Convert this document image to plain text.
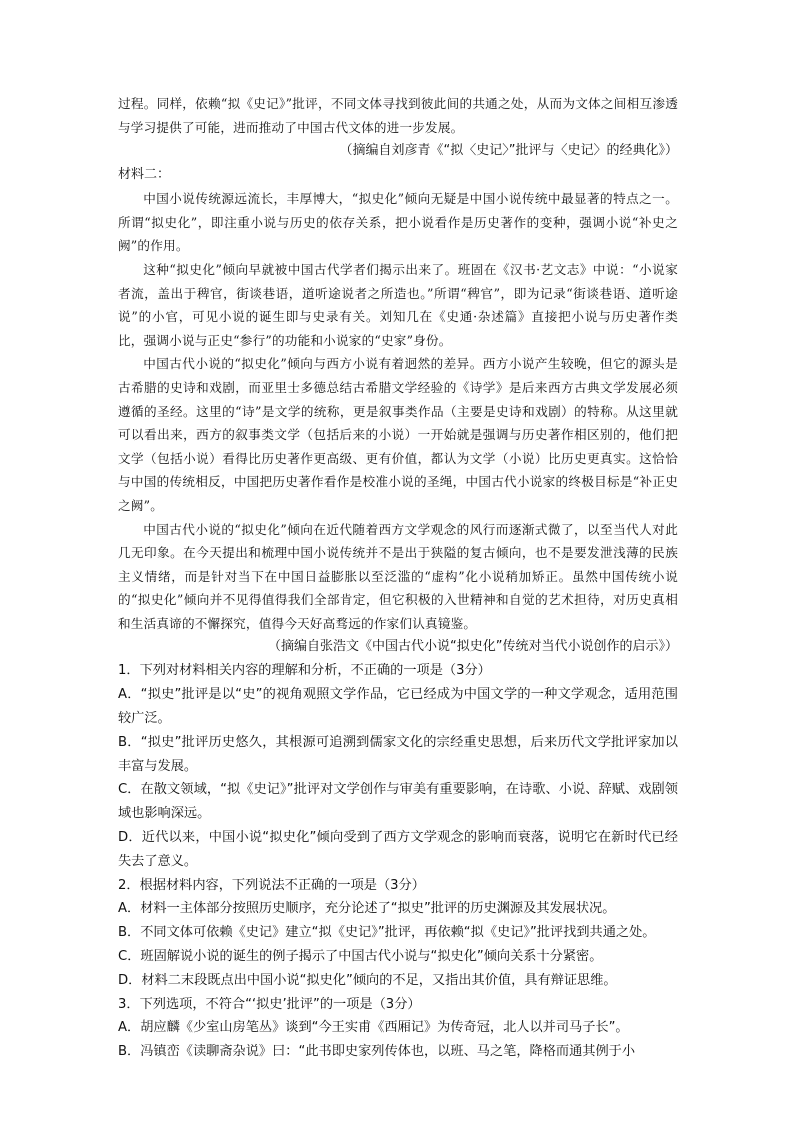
过程。同样，依赖“拟《史记》”批评，不同文体寻找到彼此间的共通之处，从而为文体之间相互渗透与学习提供了可能，进而推动了中国古代文体的进一步发展。

（摘编自刘彦青《“拟〈史记〉”批评与〈史记〉的经典化》）

材料二：

中国小说传统源远流长，丰厚博大，“拟史化”倾向无疑是中国小说传统中最显著的特点之一。所谓“拟史化”，即注重小说与历史的依存关系，把小说看作是历史著作的变种，强调小说“补史之阙”的作用。

这种“拟史化”倾向早就被中国古代学者们揭示出来了。班固在《汉书·艺文志》中说：“小说家者流，盖出于稗官，街谈巷语，道听途说者之所造也。”所谓“稗官”，即为记录“街谈巷语、道听途说”的小官，可见小说的诞生即与史录有关。刘知几在《史通·杂述篇》直接把小说与历史著作类比，强调小说与正史“参行”的功能和小说家的“史家”身份。

中国古代小说的“拟史化”倾向与西方小说有着迥然的差异。西方小说产生较晚，但它的源头是古希腊的史诗和戏剧，而亚里士多德总结古希腊文学经验的《诗学》是后来西方古典文学发展必须遵循的圣经。这里的“诗”是文学的统称，更是叙事类作品（主要是史诗和戏剧）的特称。从这里就可以看出来，西方的叙事类文学（包括后来的小说）一开始就是强调与历史著作相区别的，他们把文学（包括小说）看得比历史著作更高级、更有价值，都认为文学（小说）比历史更真实。这恰恰与中国的传统相反，中国把历史著作看作是校准小说的圣绳，中国古代小说家的终极目标是“补正史之阙”。

中国古代小说的“拟史化”倾向在近代随着西方文学观念的风行而逐渐式微了，以至当代人对此几无印象。在今天提出和梳理中国小说传统并不是出于狭隘的复古倾向，也不是要发泄浅薄的民族主义情绪，而是针对当下在中国日益膨胀以至泛滥的“虚构”化小说稍加矫正。虽然中国传统小说的“拟史化”倾向并不见得值得我们全部肯定，但它积极的入世精神和自觉的艺术担待，对历史真相和生活真谛的不懈探究，值得今天好高骛远的作家们认真镜鉴。

（摘编自张浩文《中国古代小说“拟史化”传统对当代小说创作的启示》）

1．下列对材料相关内容的理解和分析，不正确的一项是（3分）

A．“拟史”批评是以“史”的视角观照文学作品，它已经成为中国文学的一种文学观念，适用范围较广泛。

B．“拟史”批评历史悠久，其根源可追溯到儒家文化的宗经重史思想，后来历代文学批评家加以丰富与发展。

C．在散文领域，“拟《史记》”批评对文学创作与审美有重要影响，在诗歌、小说、辞赋、戏剧领域也影响深远。

D．近代以来，中国小说“拟史化”倾向受到了西方文学观念的影响而衰落，说明它在新时代已经失去了意义。

2．根据材料内容，下列说法不正确的一项是（3分）

A．材料一主体部分按照历史顺序，充分论述了“拟史”批评的历史渊源及其发展状况。

B．不同文体可依赖《史记》建立“拟《史记》”批评，再依赖“拟《史记》”批评找到共通之处。

C．班固解说小说的诞生的例子揭示了中国古代小说与“拟史化”倾向关系十分紧密。

D．材料二末段既点出中国小说“拟史化”倾向的不足，又指出其价值，具有辩证思维。

3．下列选项，不符合“‘拟史’批评”的一项是（3分）

A．胡应麟《少室山房笔丛》谈到“今王实甫《西厢记》为传奇冠，北人以并司马子长”。

B．冯镇峦《读聊斋杂说》曰：“此书即史家列传体也，以班、马之笔，降格而通其例于小
